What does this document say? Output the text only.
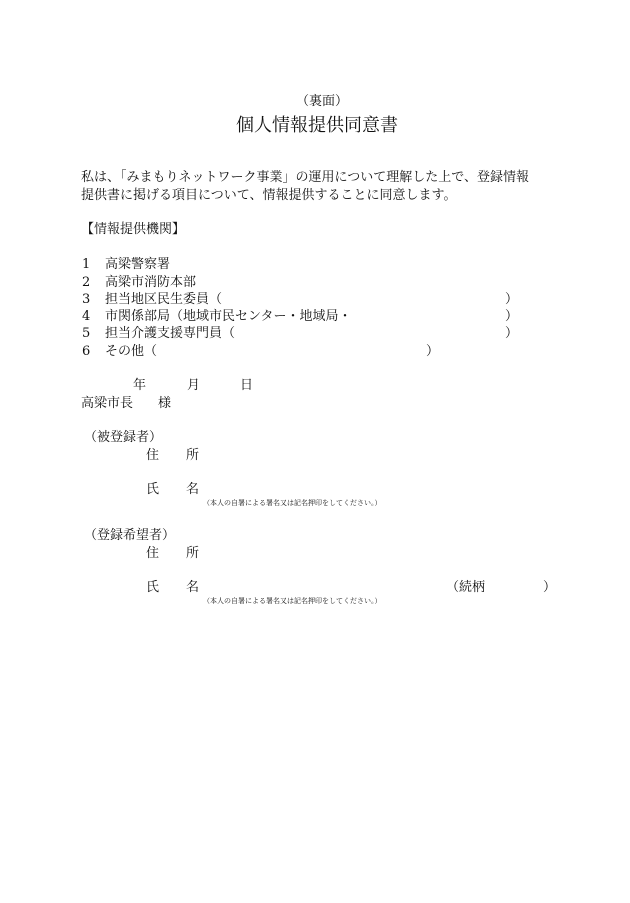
（裏面）
個人情報提供同意書
私は、「みまもりネットワーク事業」の運用について理解した上で、登録情報
提供書に掲げる項目について、情報提供することに同意します。
【情報提供機関】
1 高梁警察署
2 高梁市消防本部
3 担当地区民生委員（	）
4 市関係部局（地域市民センター・地域局・	）
5 担当介護支援専門員（	）
6 その他（	）
年	月	日
高梁市長 様
（被登録者）
住 所
氏 名
（本人の自署による署名又は記名押印をしてください。）
（登録希望者）
住 所
氏 名	（続柄	）
（本人の自署による署名又は記名押印をしてください。）
